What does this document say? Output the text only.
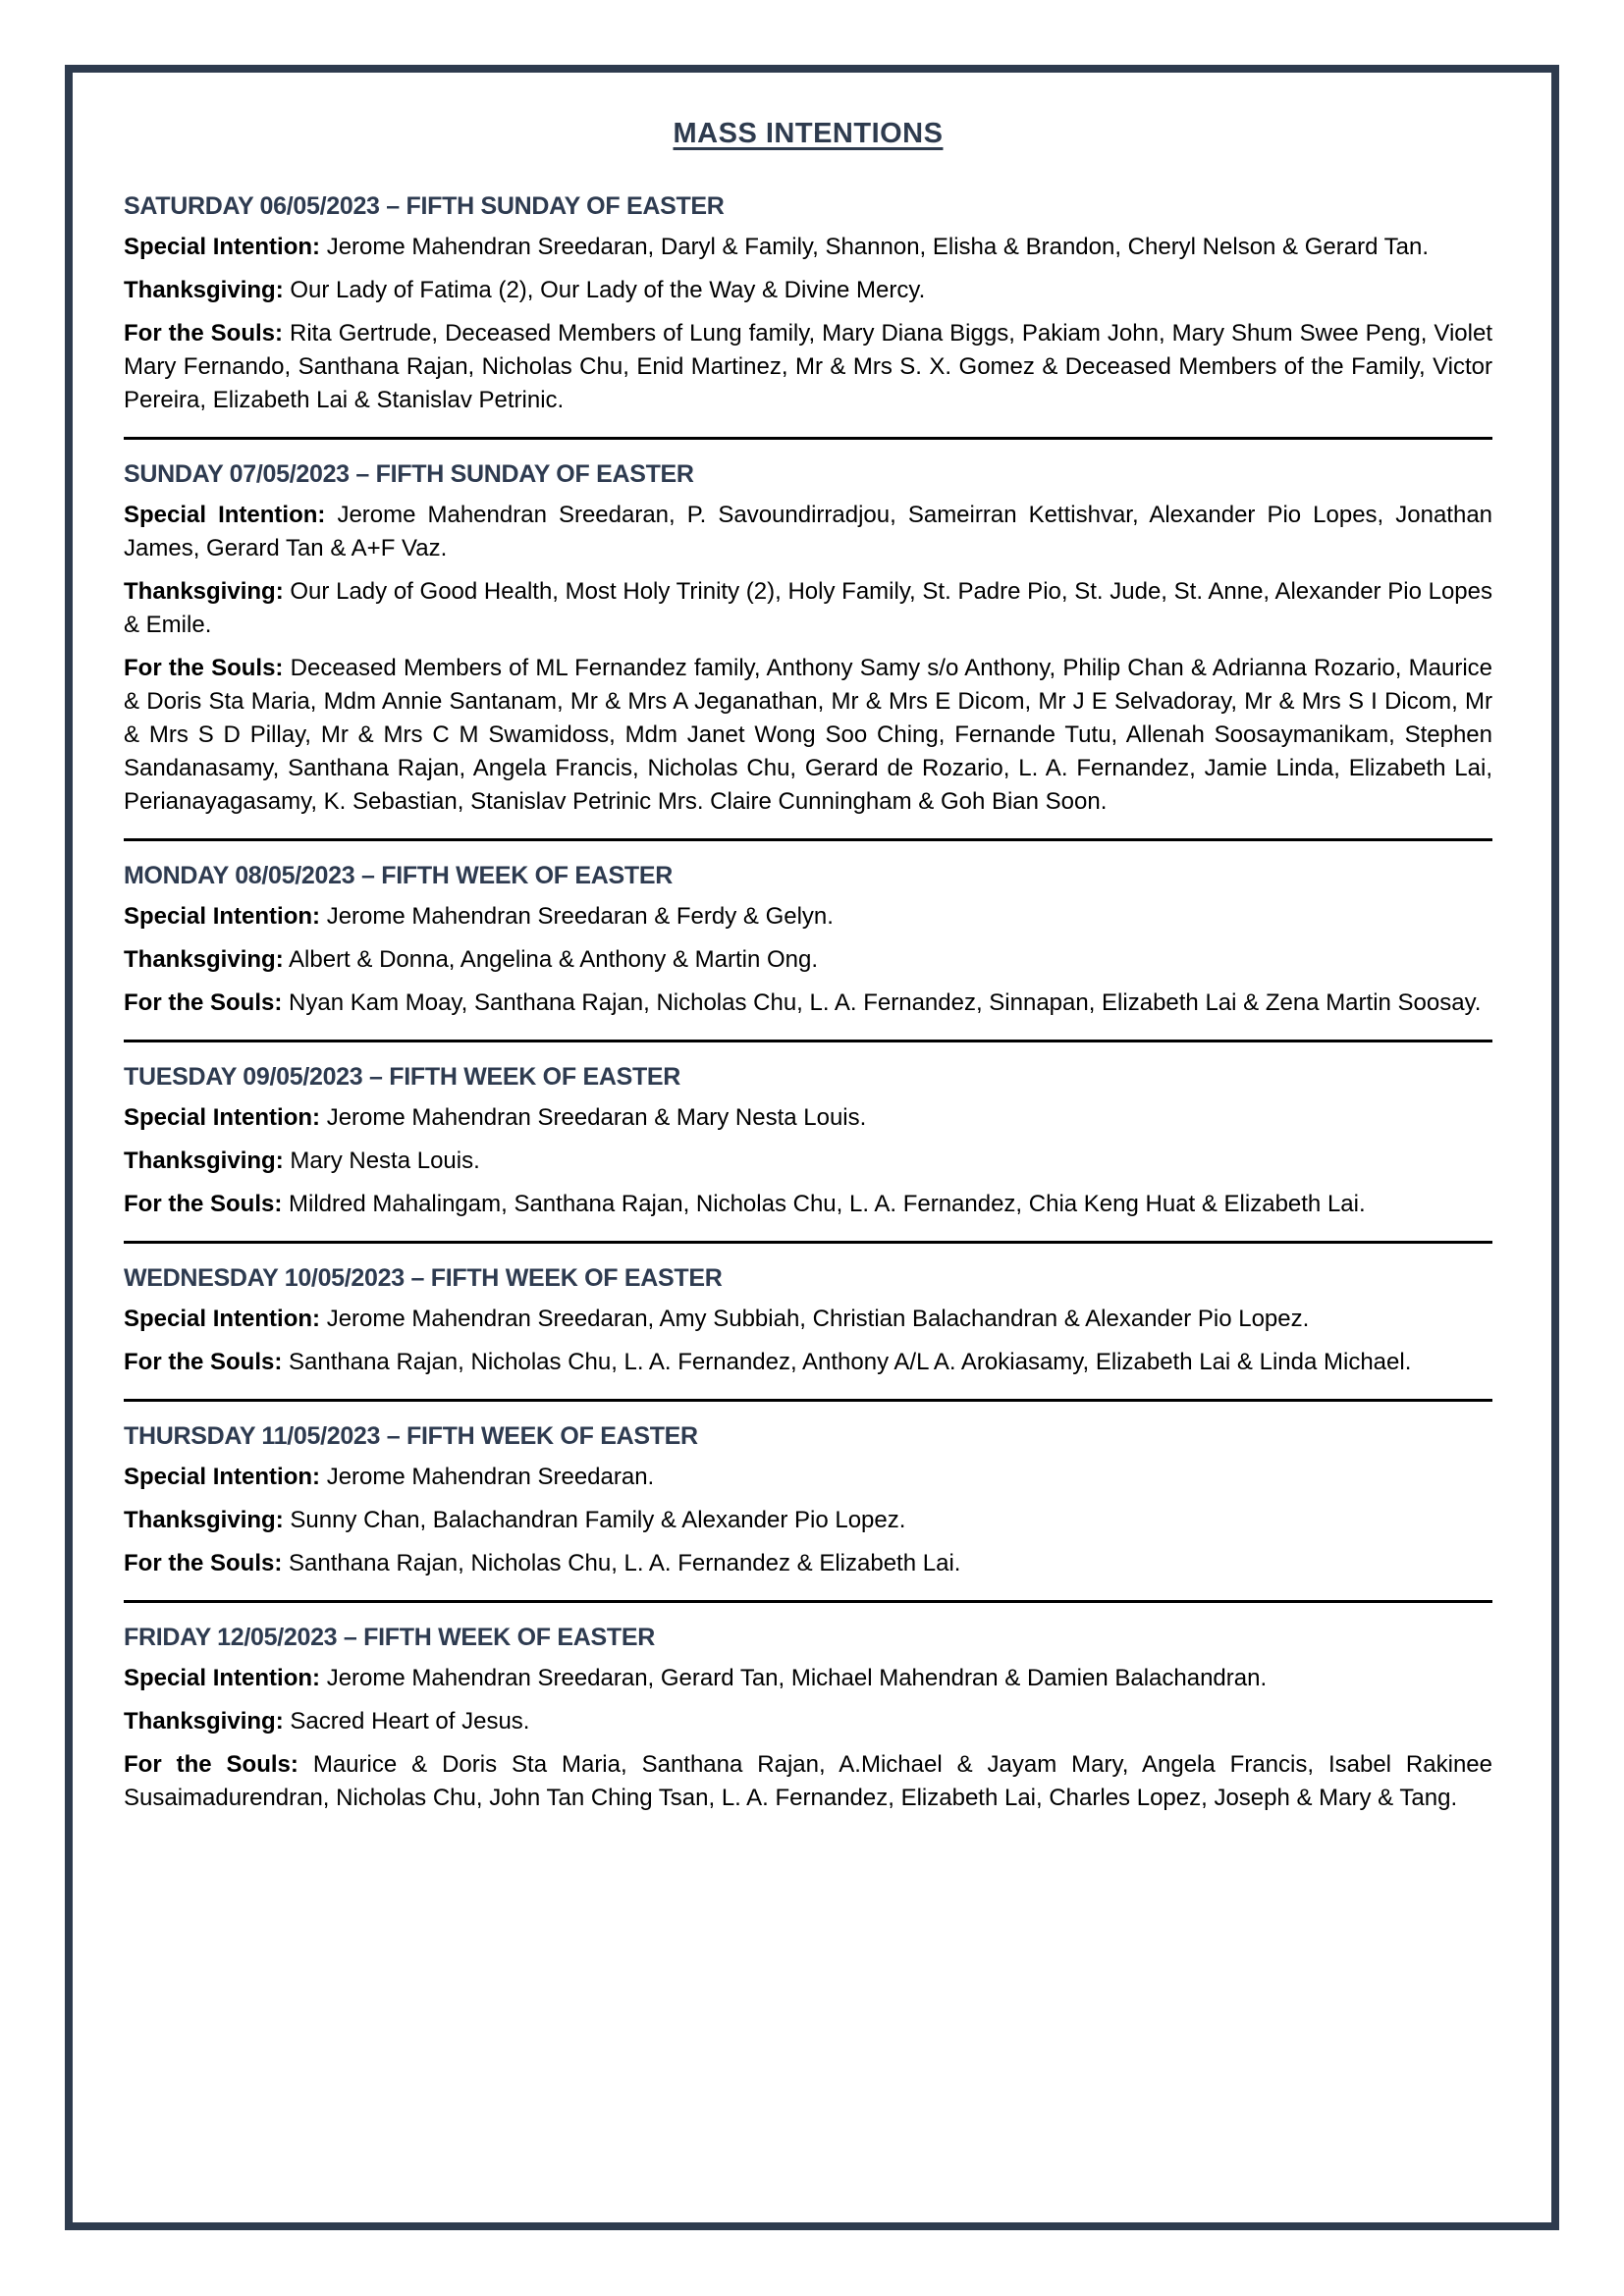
MASS INTENTIONS
SATURDAY 06/05/2023 – FIFTH SUNDAY OF EASTER

Special Intention: Jerome Mahendran Sreedaran, Daryl & Family, Shannon, Elisha & Brandon, Cheryl Nelson & Gerard Tan.

Thanksgiving: Our Lady of Fatima (2), Our Lady of the Way & Divine Mercy.

For the Souls: Rita Gertrude, Deceased Members of Lung family, Mary Diana Biggs, Pakiam John, Mary Shum Swee Peng, Violet Mary Fernando, Santhana Rajan, Nicholas Chu, Enid Martinez, Mr & Mrs S. X. Gomez & Deceased Members of the Family, Victor Pereira, Elizabeth Lai & Stanislav Petrinic.

SUNDAY 07/05/2023 – FIFTH SUNDAY OF EASTER

Special Intention: Jerome Mahendran Sreedaran, P. Savoundirradjou, Sameirran Kettishvar, Alexander Pio Lopes, Jonathan James, Gerard Tan & A+F Vaz.

Thanksgiving: Our Lady of Good Health, Most Holy Trinity (2), Holy Family, St. Padre Pio, St. Jude, St. Anne, Alexander Pio Lopes & Emile.

For the Souls: Deceased Members of ML Fernandez family, Anthony Samy s/o Anthony, Philip Chan & Adrianna Rozario, Maurice & Doris Sta Maria, Mdm Annie Santanam, Mr & Mrs A Jeganathan, Mr & Mrs E Dicom, Mr J E Selvadoray, Mr & Mrs S I Dicom, Mr & Mrs S D Pillay, Mr & Mrs C M Swamidoss, Mdm Janet Wong Soo Ching, Fernande Tutu, Allenah Soosaymanikam, Stephen Sandanasamy, Santhana Rajan, Angela Francis, Nicholas Chu, Gerard de Rozario, L. A. Fernandez, Jamie Linda, Elizabeth Lai, Perianayagasamy, K. Sebastian, Stanislav Petrinic Mrs. Claire Cunningham & Goh Bian Soon.

MONDAY 08/05/2023 – FIFTH WEEK OF EASTER

Special Intention: Jerome Mahendran Sreedaran & Ferdy & Gelyn.

Thanksgiving: Albert & Donna, Angelina & Anthony & Martin Ong.

For the Souls: Nyan Kam Moay, Santhana Rajan, Nicholas Chu, L. A. Fernandez, Sinnapan, Elizabeth Lai & Zena Martin Soosay.

TUESDAY 09/05/2023 – FIFTH WEEK OF EASTER

Special Intention: Jerome Mahendran Sreedaran & Mary Nesta Louis.

Thanksgiving: Mary Nesta Louis.

For the Souls: Mildred Mahalingam, Santhana Rajan, Nicholas Chu, L. A. Fernandez, Chia Keng Huat & Elizabeth Lai.

WEDNESDAY 10/05/2023 – FIFTH WEEK OF EASTER

Special Intention: Jerome Mahendran Sreedaran, Amy Subbiah, Christian Balachandran & Alexander Pio Lopez.

For the Souls: Santhana Rajan, Nicholas Chu, L. A. Fernandez, Anthony A/L A. Arokiasamy, Elizabeth Lai & Linda Michael.

THURSDAY 11/05/2023 – FIFTH WEEK OF EASTER

Special Intention: Jerome Mahendran Sreedaran.

Thanksgiving: Sunny Chan, Balachandran Family & Alexander Pio Lopez.

For the Souls: Santhana Rajan, Nicholas Chu, L. A. Fernandez & Elizabeth Lai.

FRIDAY 12/05/2023 – FIFTH WEEK OF EASTER

Special Intention: Jerome Mahendran Sreedaran, Gerard Tan, Michael Mahendran & Damien Balachandran.

Thanksgiving: Sacred Heart of Jesus.

For the Souls: Maurice & Doris Sta Maria, Santhana Rajan, A.Michael & Jayam Mary, Angela Francis, Isabel Rakinee Susaimadurendran, Nicholas Chu, John Tan Ching Tsan, L. A. Fernandez, Elizabeth Lai, Charles Lopez, Joseph & Mary & Tang.
